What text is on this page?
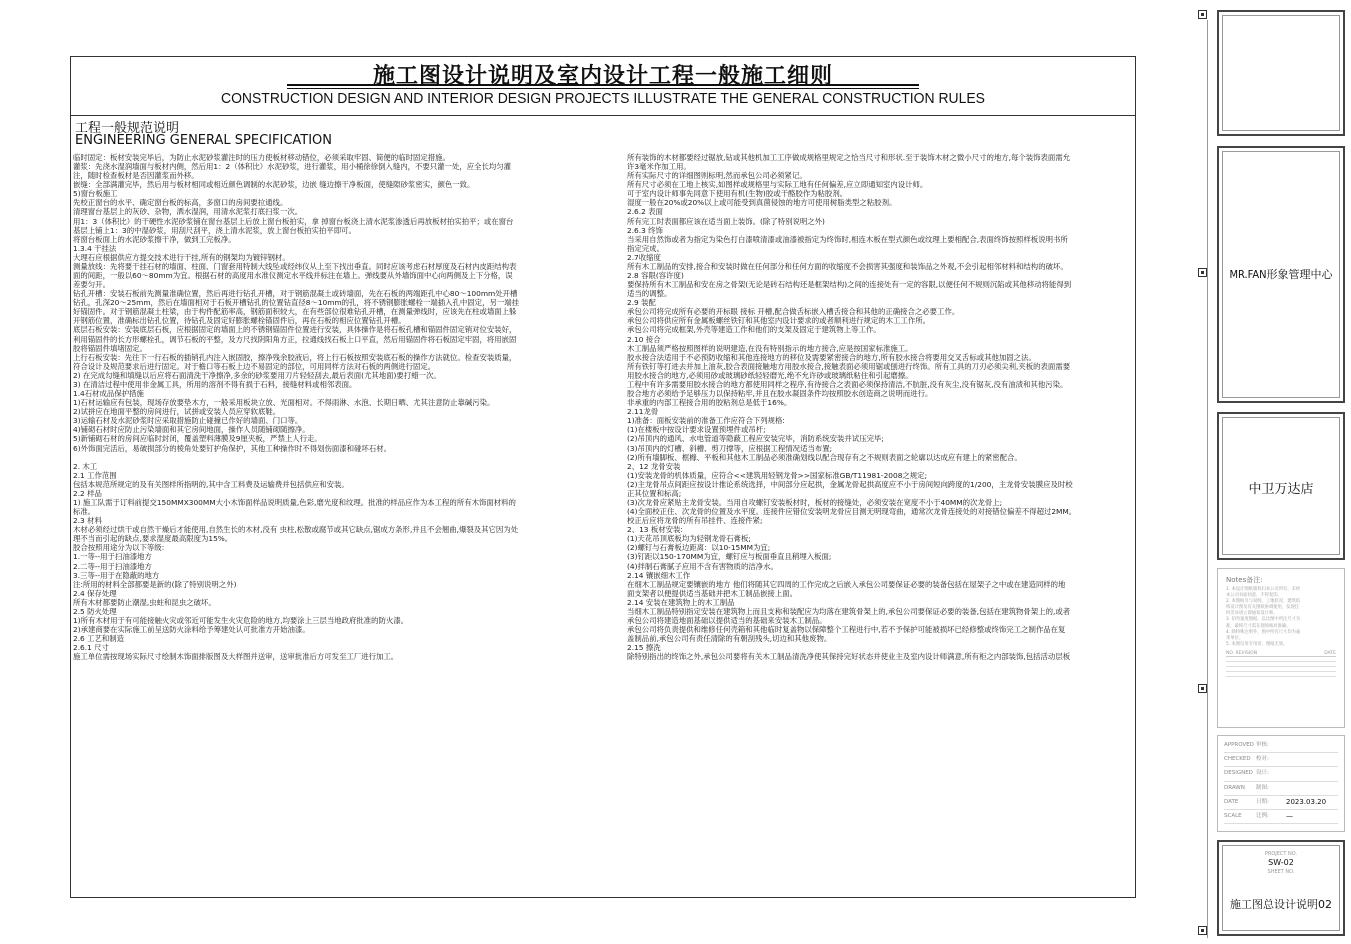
施工图设计说明及室内设计工程一般施工细则
CONSTRUCTION DESIGN AND INTERIOR DESIGN PROJECTS ILLUSTRATE THE GENERAL CONSTRUCTION RULES
工程一般规范说明
ENGINEERING GENERAL SPECIFICATION

临时固定：板材安装完毕后，为防止水泥砂浆灌注时的压力使板材移动错位，必须采取牢固、简便的临时固定措施。

灌浆：先浇水湿润墙面与板材内侧，然后用1：2（体积比）水泥砂浆，进行灌浆，用小桶徐徐倒入缝内，不要只灌一处，应全长均匀灌

注，随时检查板材是否因灌浆而外移。

嵌缝：全部满灌完毕，然后用与板材相同或相近颜色调制的水泥砂浆，边嵌 缝边擦干净板面，使缝隙砂浆密实，颜色一致。

5)窗台板施工

先校正窗台的水平、确定窗台板的标高，多窗口的房间要拉通线。

清理窗台基层上的灰砂、杂物，洒水湿润，用清水泥浆打底扫浆一次。

用1：3（体积比）的干硬性水泥砂浆铺在窗台基层上后放上窗台板拍实，拿 掉窗台板浇上清水泥浆渗透后再放板材拍实拍平；或在窗台

基层上铺上1：3的中湿砂浆，用刮尺刮平，浇上清水泥浆，放上窗台板拍实拍平即可。

将窗台板面上的水泥砂浆擦干净，做到工完板净。

1.3.4 干挂法

大理石应根据供应方提交技术进行干挂,所有的钢架均为镀锌钢材。

测量放线：先将要干挂石材的墙面、柱面、门窗套用特制大线坠或经纬仪从上至下找出垂直。同时应该考虑石材厚度及石材内皮距结构表

面的间距，一般以60～80mm为宜。根据石材的高度用水准仪测定水平线并标注在墙上。弹线要从外墙饰面中心向两侧及上下分格，误

差要匀开。

钻孔开槽：安装石板前先测量准确位置，然后再进行钻孔开槽，对于钢筋混凝土或砖墙面，先在石板的两端距孔中心80～100mm处开槽

钻孔，孔深20～25mm，然后在墙面相对于石板开槽钻孔的位置钻直径8～10mm的孔，将不锈钢膨胀螺栓一端插入孔中固定，另一端挂

好锚固件。对于钢筋混凝土柱梁，由于构件配筋率高，钢筋面积较大，在有些部位很难钻孔开槽，在测量弹线时，应该先在柱或墙面上躲

开钢筋位置，准确标出钻孔位置，待钻孔及固定好膨胀螺栓锚固件后，再在石板的相应位置钻孔开槽。

底层石板安装：安装底层石板，应根据固定的墙面上的不锈钢锚固件位置进行安装，具体操作是将石板孔槽和锚固件固定销对位安装好，

利用锚固件的长方形螺栓孔，调节石板的平整，及方尺找阴阳角方正，拉通线找石板上口平直，然后用锚固件将石板固定牢固，将用嵌固

胶将锚固件填堵固定。

上行石板安装：先往下一行石板的插销孔内注入嵌固胶，擦净残余胶液后，将上行石板按照安装底石板的操作方法就位。检查安装质量，

符合设计及规范要求后进行固定。对于檐口等石板上边不易固定的部位，可用同样方法对石板的两侧进行固定。

2) 在完成勾缝和填缝以后应将石面清洗干净擦净,多余的砂浆要用刀片轻轻刮去,最后表面(尤其地面)要打蜡一次。

3) 在清洁过程中使用非金属工具，所用的溶剂不得有损于石料，接缝材料或相邻表面。

1.4石材成品保护措施

1)石材运输应有包装，现场存放要垫木方，一般采用板块立放、光面相对。不得雨淋、水泡、长期日晒、尤其注意防止靠碱污染。

2)试拼应在地面平整的房间进行，试拼或安装人员应穿软底鞋。

3)运输石材及水泥砂浆时应采取措施防止碰撞已作好的墙面、门口等。

4)铺砌石材时应防止污染墙面和其它房间地面，操作人员随铺砌随擦净。

5)新铺砌石材的房间应临时封闭，覆盖塑料薄膜及9厘夹板，严禁上人行走。

6)外饰面完活后，易破损部分的棱角处要钉护角保护，其他工种操作时不得划伤面漆和碰坏石材。

2. 木工

2.1 工作范围

包括本规范所规定的及有关图样所指明的,其中含工料费及运输费并包括供应和安装。

2.2 样品

1) 施工队需于订料前提交150MMX300MM大小木饰面样品说明质量,色彩,磨光度和纹理。批准的样品应作为本工程的所有木饰面材料的

标准。

2.3 材料

木材必须经过烘干或自然干燥后才能使用,自然生长的木材,没有 虫柱,松散或腐节或其它缺点,锯成方条形,并且不会翘曲,爆裂及其它因为处

理不当而引起的缺点,要求湿度最高限度为15%。

胶合按照用途分为以下等级:

1.一等--用于扫油漆地方

2.二等--用于扫油漆地方

3.三等--用于在隐蔽的地方

注:所用的材料全部都要是新的(除了特别说明之外)

2.4 保存处理

所有木材都要防止潮湿,虫蛀和昆虫之破坏。

2.5 防火处理

1)所有木材用于有可能接触火灾或邻近可能发生火灾危险的地方,均要涂上三层当地政府批准的防火漆。

2)承建商要在实际施工前呈送防火涂料给予筹建处认可批准方开始油漆。

2.6 工艺和制造

2.6.1 尺寸

施工单位需按现场实际尺寸绘制木饰面排版图及大样图并送审，送审批准后方可发至工厂进行加工。

所有装饰的木材都要经过锯放,钻或其他机加工工序做成规格里规定之恰当尺寸和形状.至于装饰木材之微小尺寸的地方,每个装饰表面需允

许3毫米作加工用。

所有实际尺寸的详细图则标明,然而承包公司必须紧记。

所有尺寸必须在工地上核实,如图样或规格里与实际工地有任何偏差,应立即通知室内设计师。

可于室内设计师事先同意下使用有机(生物)胶或干酪胶作为粘胶剂。

湿度一般在20%或20%以上或可能受到真菌侵蚀的地方可使用树脂类型之粘胶剂。

2.6.2 表面

所有完工时表面都应该在适当面上装饰。(除了特别说明之外)

2.6.3 终饰

当采用自然饰或者为指定为染色打白漆喷清漆或油漆被指定为终饰时,相连木板在型式颜色或纹理上要相配合,表面终饰按照样板说明书所

指定完成。

2.7收缩度

所有木工制品的安排,接合和安装时做在任何部分和任何方面的收缩度不会损害其强度和装饰品之外观,不会引起相邻材料和结构的破坏。

2.8 容限(容许度)

要保持所有木工制品和安在房之骨架(无论是砖石结构还是框架结构)之间的连接处有一定的容限,以便任何不规则沉陷或其他移动将能得到

适当的调整。

2.9 装配

承包公司将完成所有必要的开标眼 接标 开槽,配合做舌标嵌入槽舌接合和其他的正确接合之必要工作。

承包公司将供应所有金属板螺丝铁钉和其他室内设计要求的或者顺利进行规定的木工工作所。

承包公司将完成框架,外壳等建造工作和他们的支架及固定于建筑物上等工作。

2.10 接合

木工制品须严格按照图样的说明建造,在没有特别指示的地方接合,应是按国家标准施工。

胶水接合法适用于不必预防收缩和其他连接地方的移位及需要紧密接合的地方,所有胶水接合将要用交叉舌标或其他加固之法。

所有铁钉等打进去并加上油灰,胶合表面接触地方用胶水接合,接触表面必须用锯或刨进行终饰。所有工具的刀刃必须尖利,夹板的表面需要

用胶水接合的地方,必须用砂或玻璃砂纸轻轻磨光,绝不允许砂或玻璃纸粘住和引起磨擦。

工程中有许多需要用胶水接合的地方都使用同样之程序,有待接合之表面必须保持清洁,不肮脏,没有灰尘,没有锯灰,没有油渍和其他污染。

胶合地方必须给予足够压力以保持粘牢,并且在胶水凝固条件均按照胶水创造商之说明而进行。

非承重的内部工程接合用的胶粘剂总是低于16%。

2.11龙骨

1)准备：面板安装前的准备工作应符合下列规格:

(1)在楼板中按设计要求设置预埋件或吊杆;

(2)吊顶内的通风、水电管道等隐蔽工程应安装完毕，消防系统安装并试压完毕;

(3)吊顶内的灯槽、斜槽、剪刀撑等，应根据工程情况适当布置;

(2)所有墙脚板、框橼、平板和其他木工制品必须准确划线以配合现存有之不规则表面之轮廓以达成应有建上的紧密配合。

2、12 龙骨安装

(1)安装龙骨的机体质量，应符合<<建筑用轻钢龙骨>>国家标准GB/T11981-2008之规定;

(2)主龙骨吊点间距应按设计推论系统选择，中间部分应起拱，金属龙骨起拱高度应不小于房间短向跨度的1/200，主龙骨安装膜应及时校

正其位置和标高;

(3)次龙骨应紧贴主龙骨安装。当用自攻螺钉安装板材时，板材的接缝处，必须安装在宽度不小于40MM的次龙骨上;

(4)全面校正住、次龙骨的位置及水平度。连接件应错位安装明龙骨应目测无明现弯曲，通常次龙骨连接处的对接错位偏差不得超过2MM。

校正后应将龙骨的所有吊挂件、连接件紧;

2、13 板材安装:

(1)天花吊顶底板均为轻钢龙骨石膏板;

(2)螺钉与石膏板边距离：以10-15MM为宜;

(3)钉距以150-170MM为宜，螺钉应与板面垂直且稍埋入板面;

(4)拌制石膏腻子应用不含有害物质的洁净水。

2.14 镶嵌细木工作

在细木工制品规定要镶嵌的地方 他们将随其它四周的工作完成之后嵌入承包公司要保证必要的装备包括在屋架子之中或在建造同样的地

面支架者以便提供适当基础并把木工制品嵌接上面。

2.14 安装在建筑物上的木工制品

当细木工制品特别指定安装在建筑物上而且支称和装配应为均落在建筑骨架上的,承包公司要保证必要的装备,包括在建筑物骨架上的,或者

承包公司将建造地面基础以提供适当的基础来安装木工制品。

承包公司将负责提供和维修任何壳箱和其他临时复盖物以保障整个工程进行中,若不予保护可能被损坏已经修整或终饰完工之制作品在复

盖制品前,承包公司有责任清除的有朝刮残头,切边和其他废物。

2.15 擦洗

除特别指出的终饰之外,承包公司要将有关木工制品清洗净使其保持完好状态并使业主及室内设计师满意,所有柜之内部装饰,包括活动层板

MR.FAN形象管理中心
中卫万达店
Notes备注:
1. 本设计图纸版权归本公司所有，未经
本公司书面同意，不得复印。
2. 本图纸另与说明，工地状况，建筑结
构设计图及有关图纸协调使用，发现任
何差异请立即通知设计师。
3. 切勿量度图纸，以比图中所注尺寸为
准，最终尺寸需在现场核对准确。
4. 除特殊注明外，图中所有尺寸均为毫
米单位。
5. 本图仅用专用章，图纸无效。
NO. REVISION	DATE
APPROVED 审核:
CHECKED 校对:
DESIGNED 设计:
DRAWN 制图:
DATE	日期:	2023.03.20
SCALE	比例:	—
PROJECT NO.
SW-02
SHEET NO.
施工图总设计说明02
